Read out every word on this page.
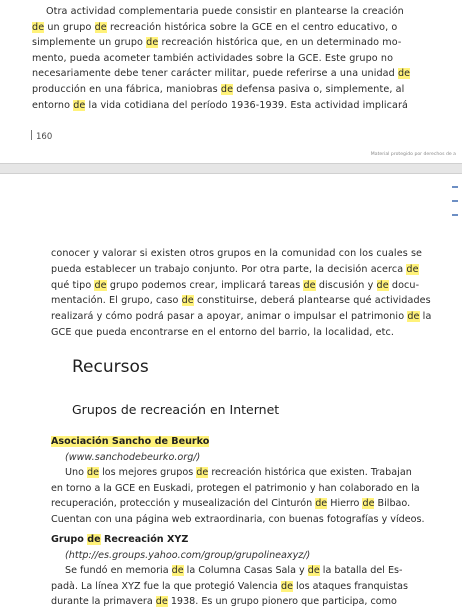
Otra actividad complementaria puede consistir en plantearse la creación
de un grupo de recreación histórica sobre la GCE en el centro educativo, o
simplemente un grupo de recreación histórica que, en un determinado mo-
mento, pueda acometer también actividades sobre la GCE. Este grupo no
necesariamente debe tener carácter militar, puede referirse a una unidad de
producción en una fábrica, maniobras de defensa pasiva o, simplemente, al
entorno de la vida cotidiana del período 1936-1939. Esta actividad implicará
160
Material protegido por derechos de a
conocer y valorar si existen otros grupos en la comunidad con los cuales se
pueda establecer un trabajo conjunto. Por otra parte, la decisión acerca de
qué tipo de grupo podemos crear, implicará tareas de discusión y de docu-
mentación. El grupo, caso de constituirse, deberá plantearse qué actividades
realizará y cómo podrá pasar a apoyar, animar o impulsar el patrimonio de la
GCE que pueda encontrarse en el entorno del barrio, la localidad, etc.
Recursos
Grupos de recreación en Internet
Asociación Sancho de Beurko
(www.sanchodebeurko.org/)
Uno de los mejores grupos de recreación histórica que existen. Trabajan
en torno a la GCE en Euskadi, protegen el patrimonio y han colaborado en la
recuperación, protección y musealización del Cinturón de Hierro de Bilbao.
Cuentan con una página web extraordinaria, con buenas fotografías y vídeos.
Grupo de Recreación XYZ
(http://es.groups.yahoo.com/group/grupolineaxyz/)
Se fundó en memoria de la Columna Casas Sala y de la batalla del Es-
padà. La línea XYZ fue la que protegió Valencia de los ataques franquistas
durante la primavera de 1938. Es un grupo pionero que participa, como
